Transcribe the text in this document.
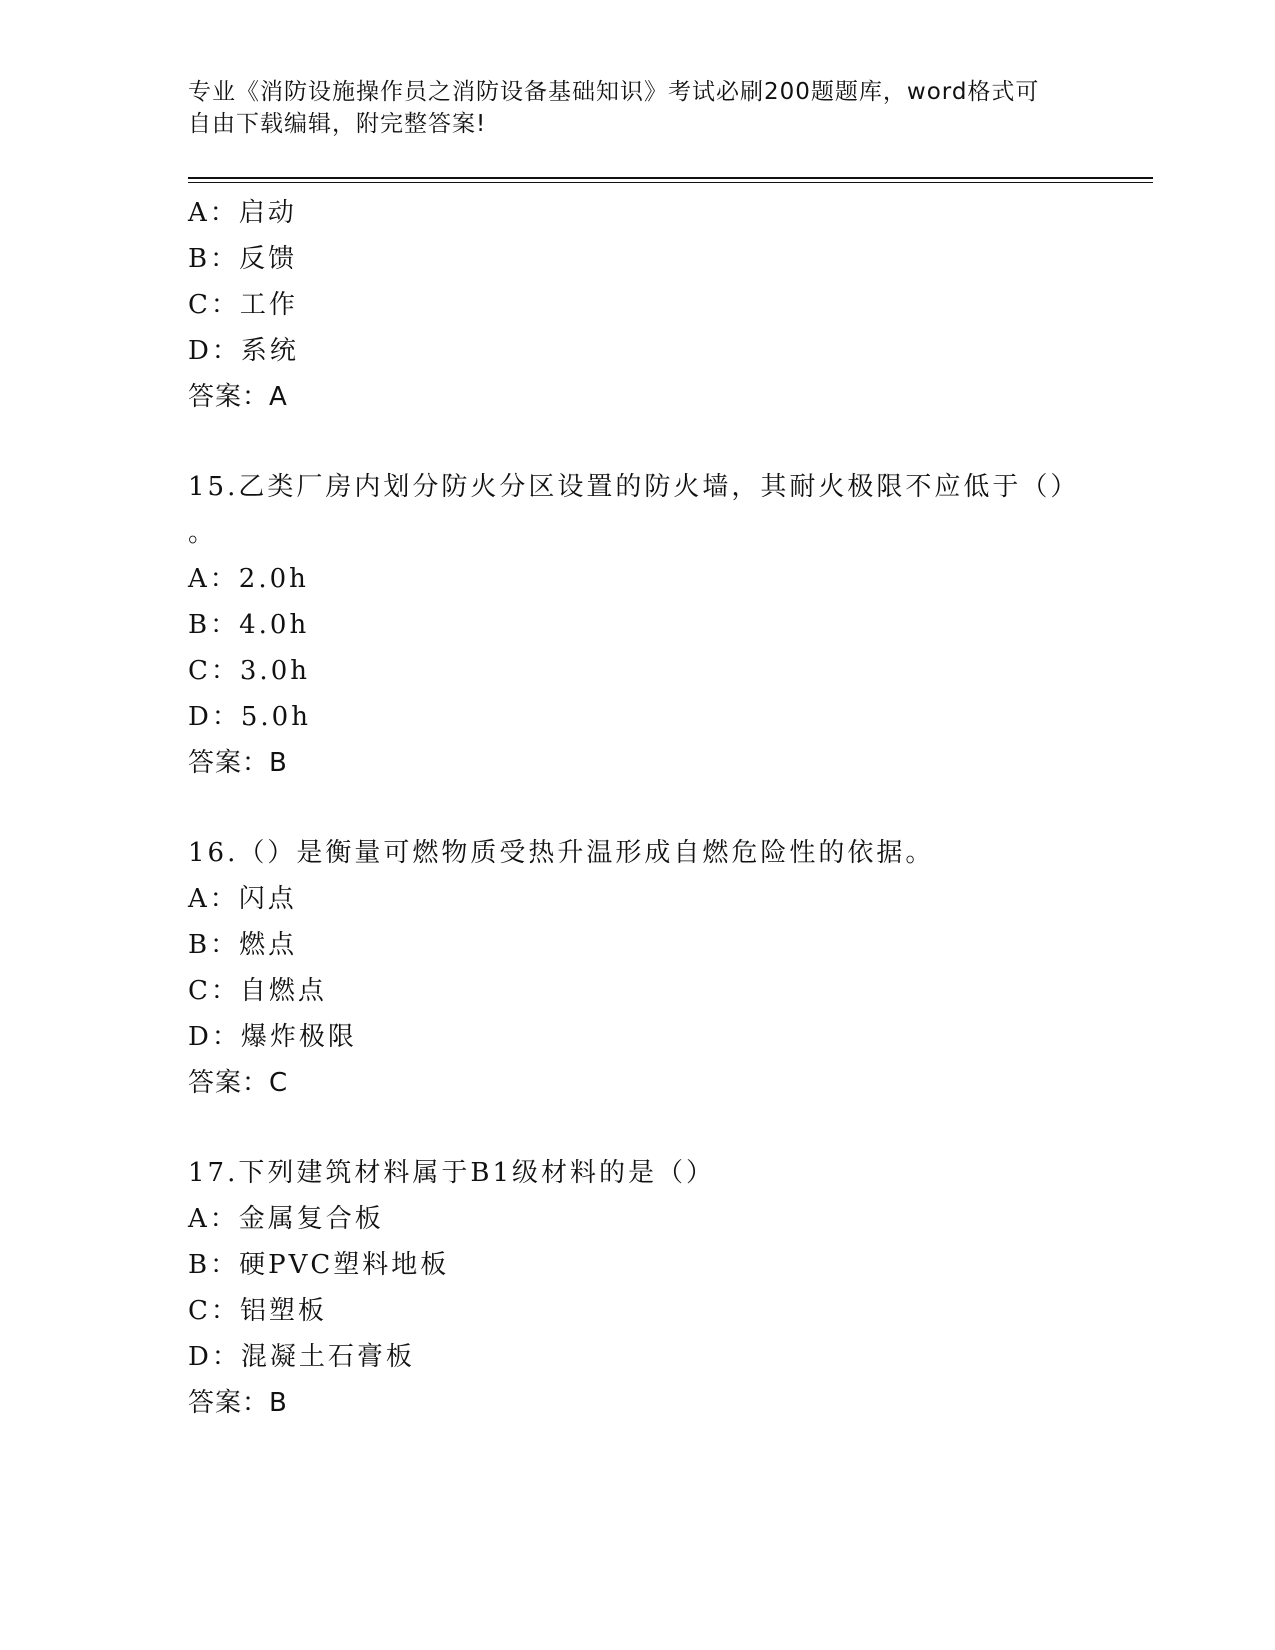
专业《消防设施操作员之消防设备基础知识》考试必刷200题题库，word格式可
自由下载编辑，附完整答案!
A：启动
B：反馈
C：工作
D：系统
答案：A
15.乙类厂房内划分防火分区设置的防火墙，其耐火极限不应低于（）
。
A：2.0h
B：4.0h
C：3.0h
D：5.0h
答案：B
16.（）是衡量可燃物质受热升温形成自燃危险性的依据。
A：闪点
B：燃点
C：自燃点
D：爆炸极限
答案：C
17.下列建筑材料属于B1级材料的是（）
A：金属复合板
B：硬PVC塑料地板
C：铝塑板
D：混凝土石膏板
答案：B
